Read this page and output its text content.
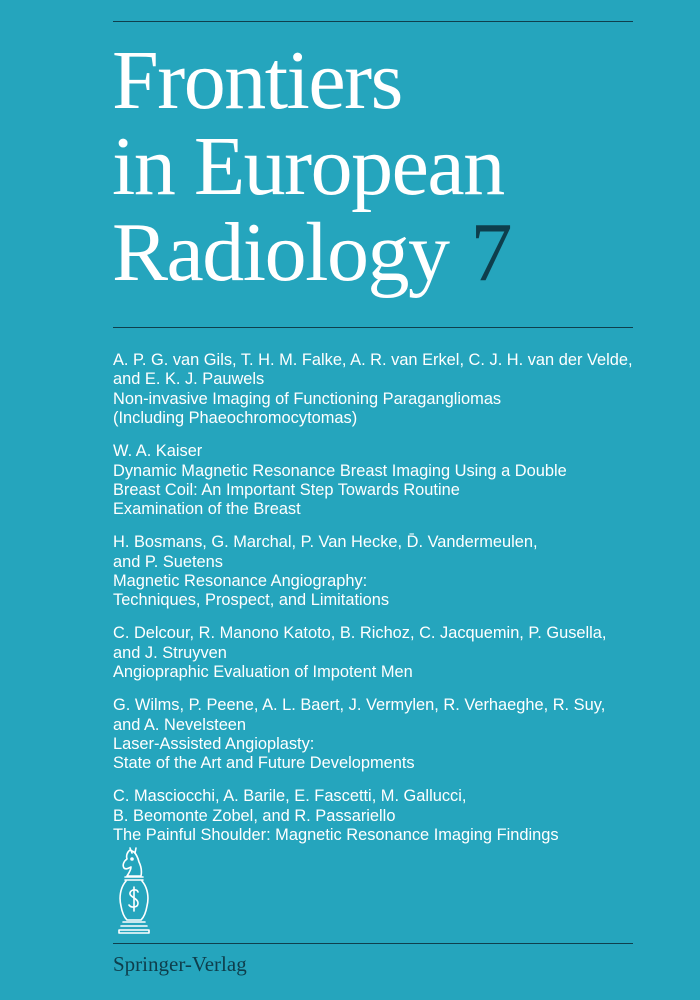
Frontiers
in European
Radiology 7
A. P. G. van Gils, T. H. M. Falke, A. R. van Erkel, C. J. H. van der Velde,
and E. K. J. Pauwels
Non-invasive Imaging of Functioning Paragangliomas
(Including Phaeochromocytomas)
W. A. Kaiser
Dynamic Magnetic Resonance Breast Imaging Using a Double
Breast Coil: An Important Step Towards Routine
Examination of the Breast
H. Bosmans, G. Marchal, P. Van Hecke, D̄. Vandermeulen,
and P. Suetens
Magnetic Resonance Angiography:
Techniques, Prospect, and Limitations
C. Delcour, R. Manono Katoto, B. Richoz, C. Jacquemin, P. Gusella,
and J. Struyven
Angiopraphic Evaluation of Impotent Men
G. Wilms, P. Peene, A. L. Baert, J. Vermylen, R. Verhaeghe, R. Suy,
and A. Nevelsteen
Laser-Assisted Angioplasty:
State of the Art and Future Developments
C. Masciocchi, A. Barile, E. Fascetti, M. Gallucci,
B. Beomonte Zobel, and R. Passariello
The Painful Shoulder: Magnetic Resonance Imaging Findings
Springer-Verlag
